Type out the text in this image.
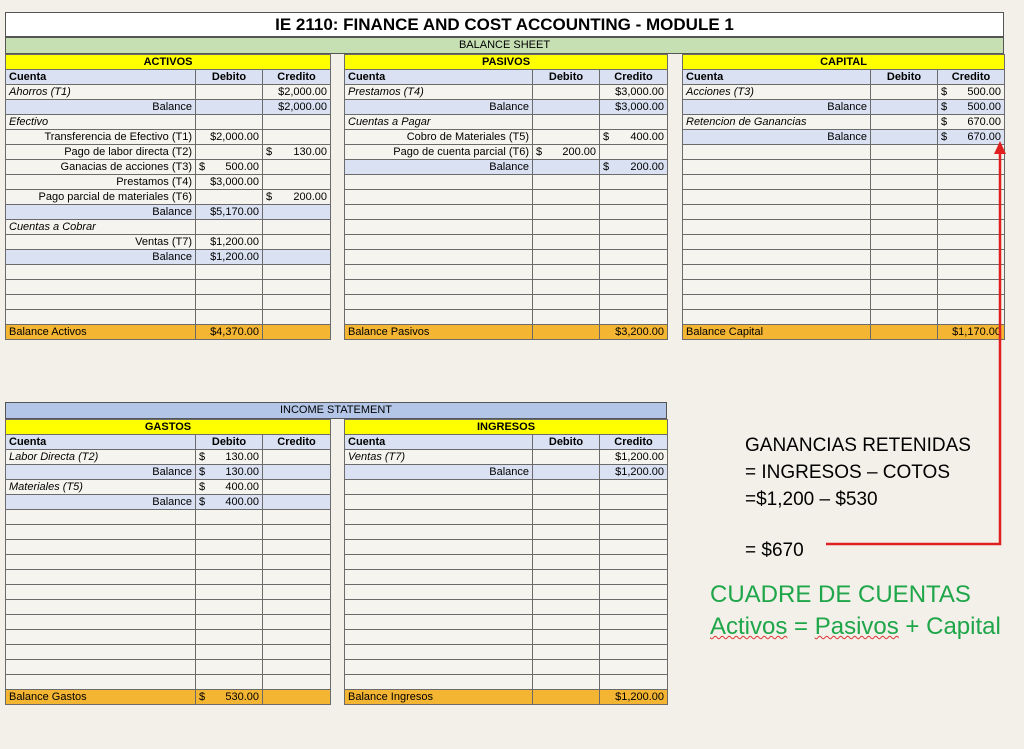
IE 2110: FINANCE AND COST ACCOUNTING - MODULE 1
BALANCE SHEET
ACTIVOS		
Cuenta	Debito	Credito
Ahorros (T1)		$2,000.00
Balance		$2,000.00
Efectivo		
Transferencia de Efectivo (T1)	$2,000.00	
Pago de labor directa (T2)		$ 130.00

Ganacias de acciones (T3)	$ 500.00	

Prestamos (T4)	$3,000.00	
Pago parcial de materiales (T6)		$ 200.00

Balance	$5,170.00	
Cuentas a Cobrar		
Ventas (T7)	$1,200.00	
Balance	$1,200.00	

Balance Activos	$4,370.00	
PASIVOS		
Cuenta	Debito	Credito
Prestamos (T4)		$3,000.00
Balance		$3,000.00
Cuentas a Pagar		
Cobro de Materiales (T5)		$ 400.00

Pago de cuenta parcial (T6)	$ 200.00	

Balance		$ 200.00

Balance Pasivos		$3,200.00
CAPITAL		
Cuenta	Debito	Credito
Acciones (T3)		$ 500.00

Balance		$ 500.00

Retencion de Ganancias		$ 670.00

Balance		$ 670.00

Balance Capital		$1,170.00
INCOME STATEMENT
GASTOS		
Cuenta	Debito	Credito
Labor Directa (T2)	$ 130.00	

Balance	$ 130.00	

Materiales (T5)	$ 400.00	

Balance	$ 400.00	

Balance Gastos	$ 530.00	

INGRESOS		
Cuenta	Debito	Credito
Ventas (T7)		$1,200.00
Balance		$1,200.00

Balance Ingresos		$1,200.00
GANANCIAS RETENIDAS
= INGRESOS – COTOS
=$1,200 – $530
= $670
CUADRE DE CUENTAS
Activos = Pasivos + Capital
